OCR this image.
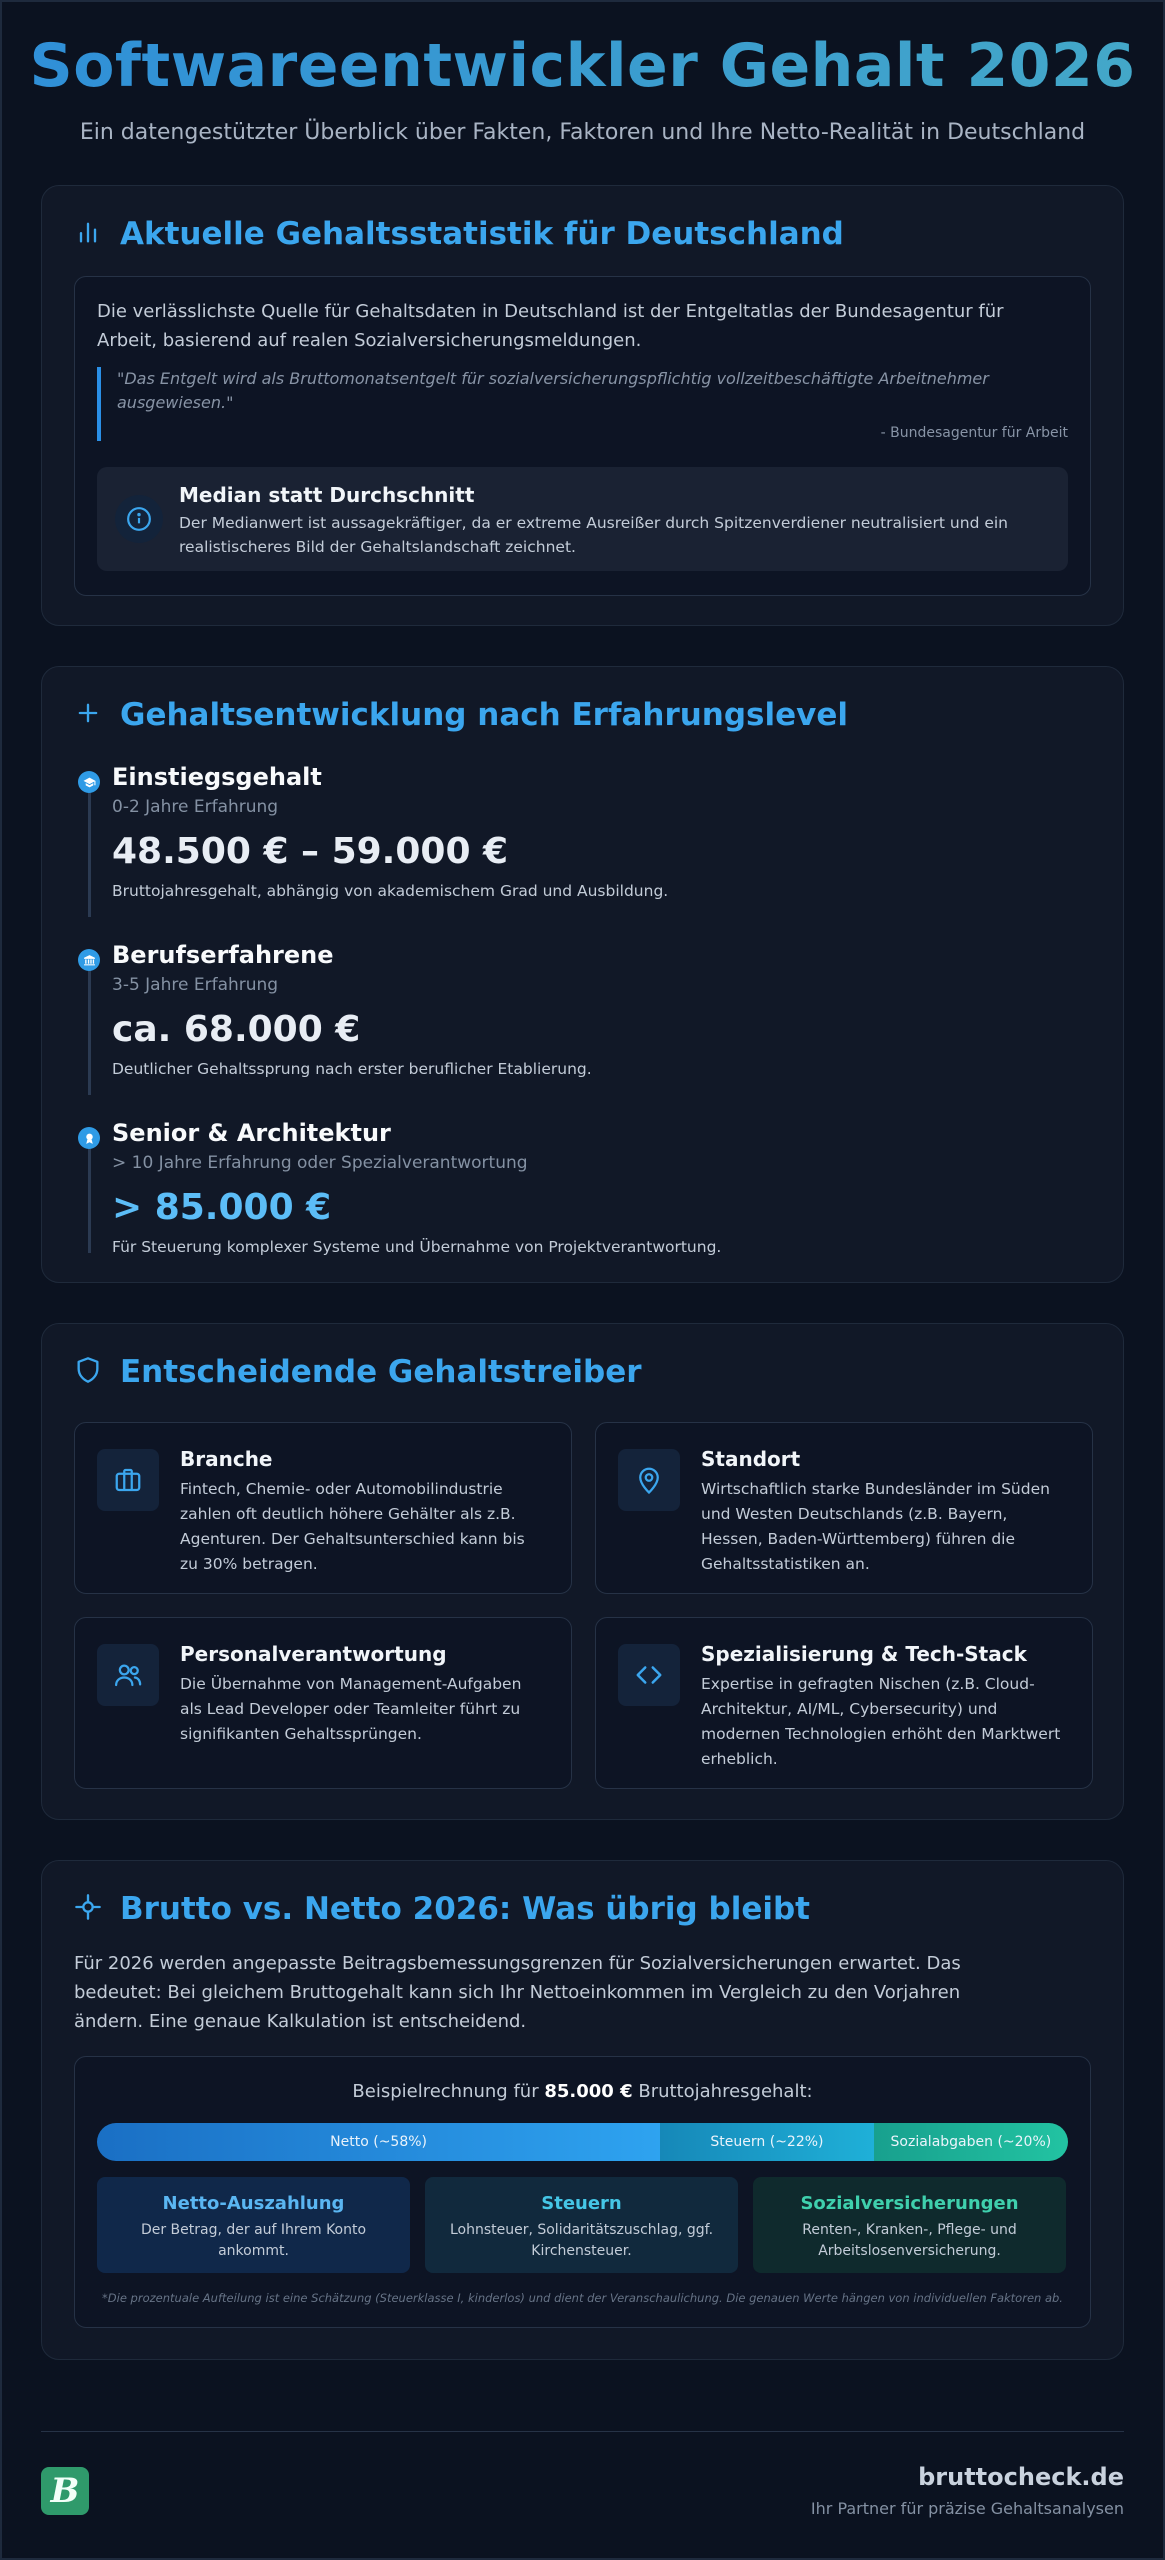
Softwareentwickler Gehalt 2026

Ein datengestützter Überblick über Fakten, Faktoren und Ihre Netto-Realität in Deutschland

Aktuelle Gehaltsstatistik für Deutschland

Die verlässlichste Quelle für Gehaltsdaten in Deutschland ist der Entgeltatlas der Bundesagentur für Arbeit, basierend auf realen Sozialversicherungsmeldungen.

"Das Entgelt wird als Bruttomonatsentgelt für sozialversicherungspflichtig vollzeitbeschäftigte Arbeitnehmer ausgewiesen."

- Bundesagentur für Arbeit

Median statt Durchschnitt
Der Medianwert ist aussagekräftiger, da er extreme Ausreißer durch Spitzenverdiener neutralisiert und ein realistischeres Bild der Gehaltslandschaft zeichnet.
Gehaltsentwicklung nach Erfahrungslevel
Einstiegsgehalt
0-2 Jahre Erfahrung
48.500 € – 59.000 €
Bruttojahresgehalt, abhängig von akademischem Grad und Ausbildung.
Berufserfahrene
3-5 Jahre Erfahrung
ca. 68.000 €
Deutlicher Gehaltssprung nach erster beruflicher Etablierung.
Senior & Architektur
> 10 Jahre Erfahrung oder Spezialverantwortung
> 85.000 €
Für Steuerung komplexer Systeme und Übernahme von Projektverantwortung.
Entscheidende Gehaltstreiber
Branche
Fintech, Chemie- oder Automobilindustrie zahlen oft deutlich höhere Gehälter als z.B. Agenturen. Der Gehaltsunterschied kann bis zu 30% betragen.
Standort
Wirtschaftlich starke Bundesländer im Süden und Westen Deutschlands (z.B. Bayern, Hessen, Baden-Württemberg) führen die Gehaltsstatistiken an.
Personalverantwortung
Die Übernahme von Management-Aufgaben als Lead Developer oder Teamleiter führt zu signifikanten Gehaltssprüngen.
Spezialisierung & Tech-Stack
Expertise in gefragten Nischen (z.B. Cloud-Architektur, AI/ML, Cybersecurity) und modernen Technologien erhöht den Marktwert erheblich.
Brutto vs. Netto 2026: Was übrig bleibt

Für 2026 werden angepasste Beitragsbemessungsgrenzen für Sozialversicherungen erwartet. Das bedeutet: Bei gleichem Bruttogehalt kann sich Ihr Nettoeinkommen im Vergleich zu den Vorjahren ändern. Eine genaue Kalkulation ist entscheidend.

Beispielrechnung für 85.000 € Bruttojahresgehalt:

Netto (~58%)	Steuern (~22%)	Sozialabgaben (~20%)
Netto-Auszahlung
Der Betrag, der auf Ihrem Konto ankommt.
Steuern
Lohnsteuer, Solidaritätszuschlag, ggf. Kirchensteuer.
Sozialversicherungen
Renten-, Kranken-, Pflege- und Arbeitslosenversicherung.

*Die prozentuale Aufteilung ist eine Schätzung (Steuerklasse I, kinderlos) und dient der Veranschaulichung. Die genauen Werte hängen von individuellen Faktoren ab.

B	bruttocheck.de
Ihr Partner für präzise Gehaltsanalysen
